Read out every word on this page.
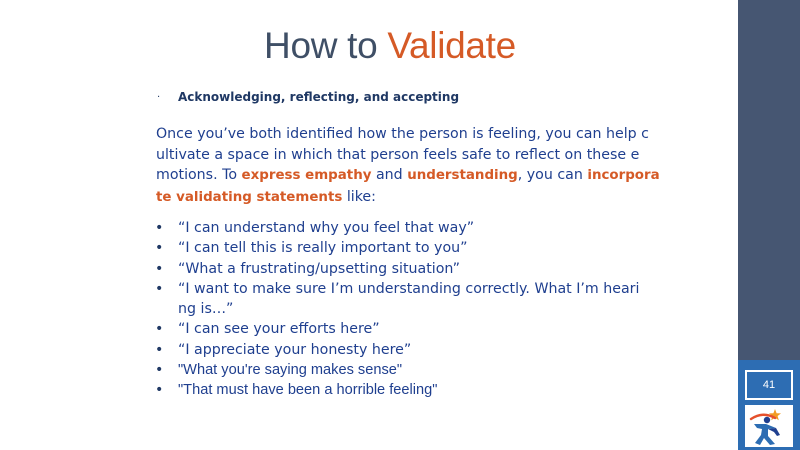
How to Validate
· Acknowledging, reflecting, and accepting
Once you’ve both identified how the person is feeling, you can help c
ultivate a space in which that person feels safe to reflect on these e
motions. To express empathy and understanding, you can incorpora
te validating statements like:
• “I can understand why you feel that way”
• “I can tell this is really important to you”
• “What a frustrating/upsetting situation”
• “I want to make sure I’m understanding correctly. What I’m heari
ng is…”
• “I can see your efforts here”
• “I appreciate your honesty here”
• "What you're saying makes sense"
• "That must have been a horrible feeling"	41
